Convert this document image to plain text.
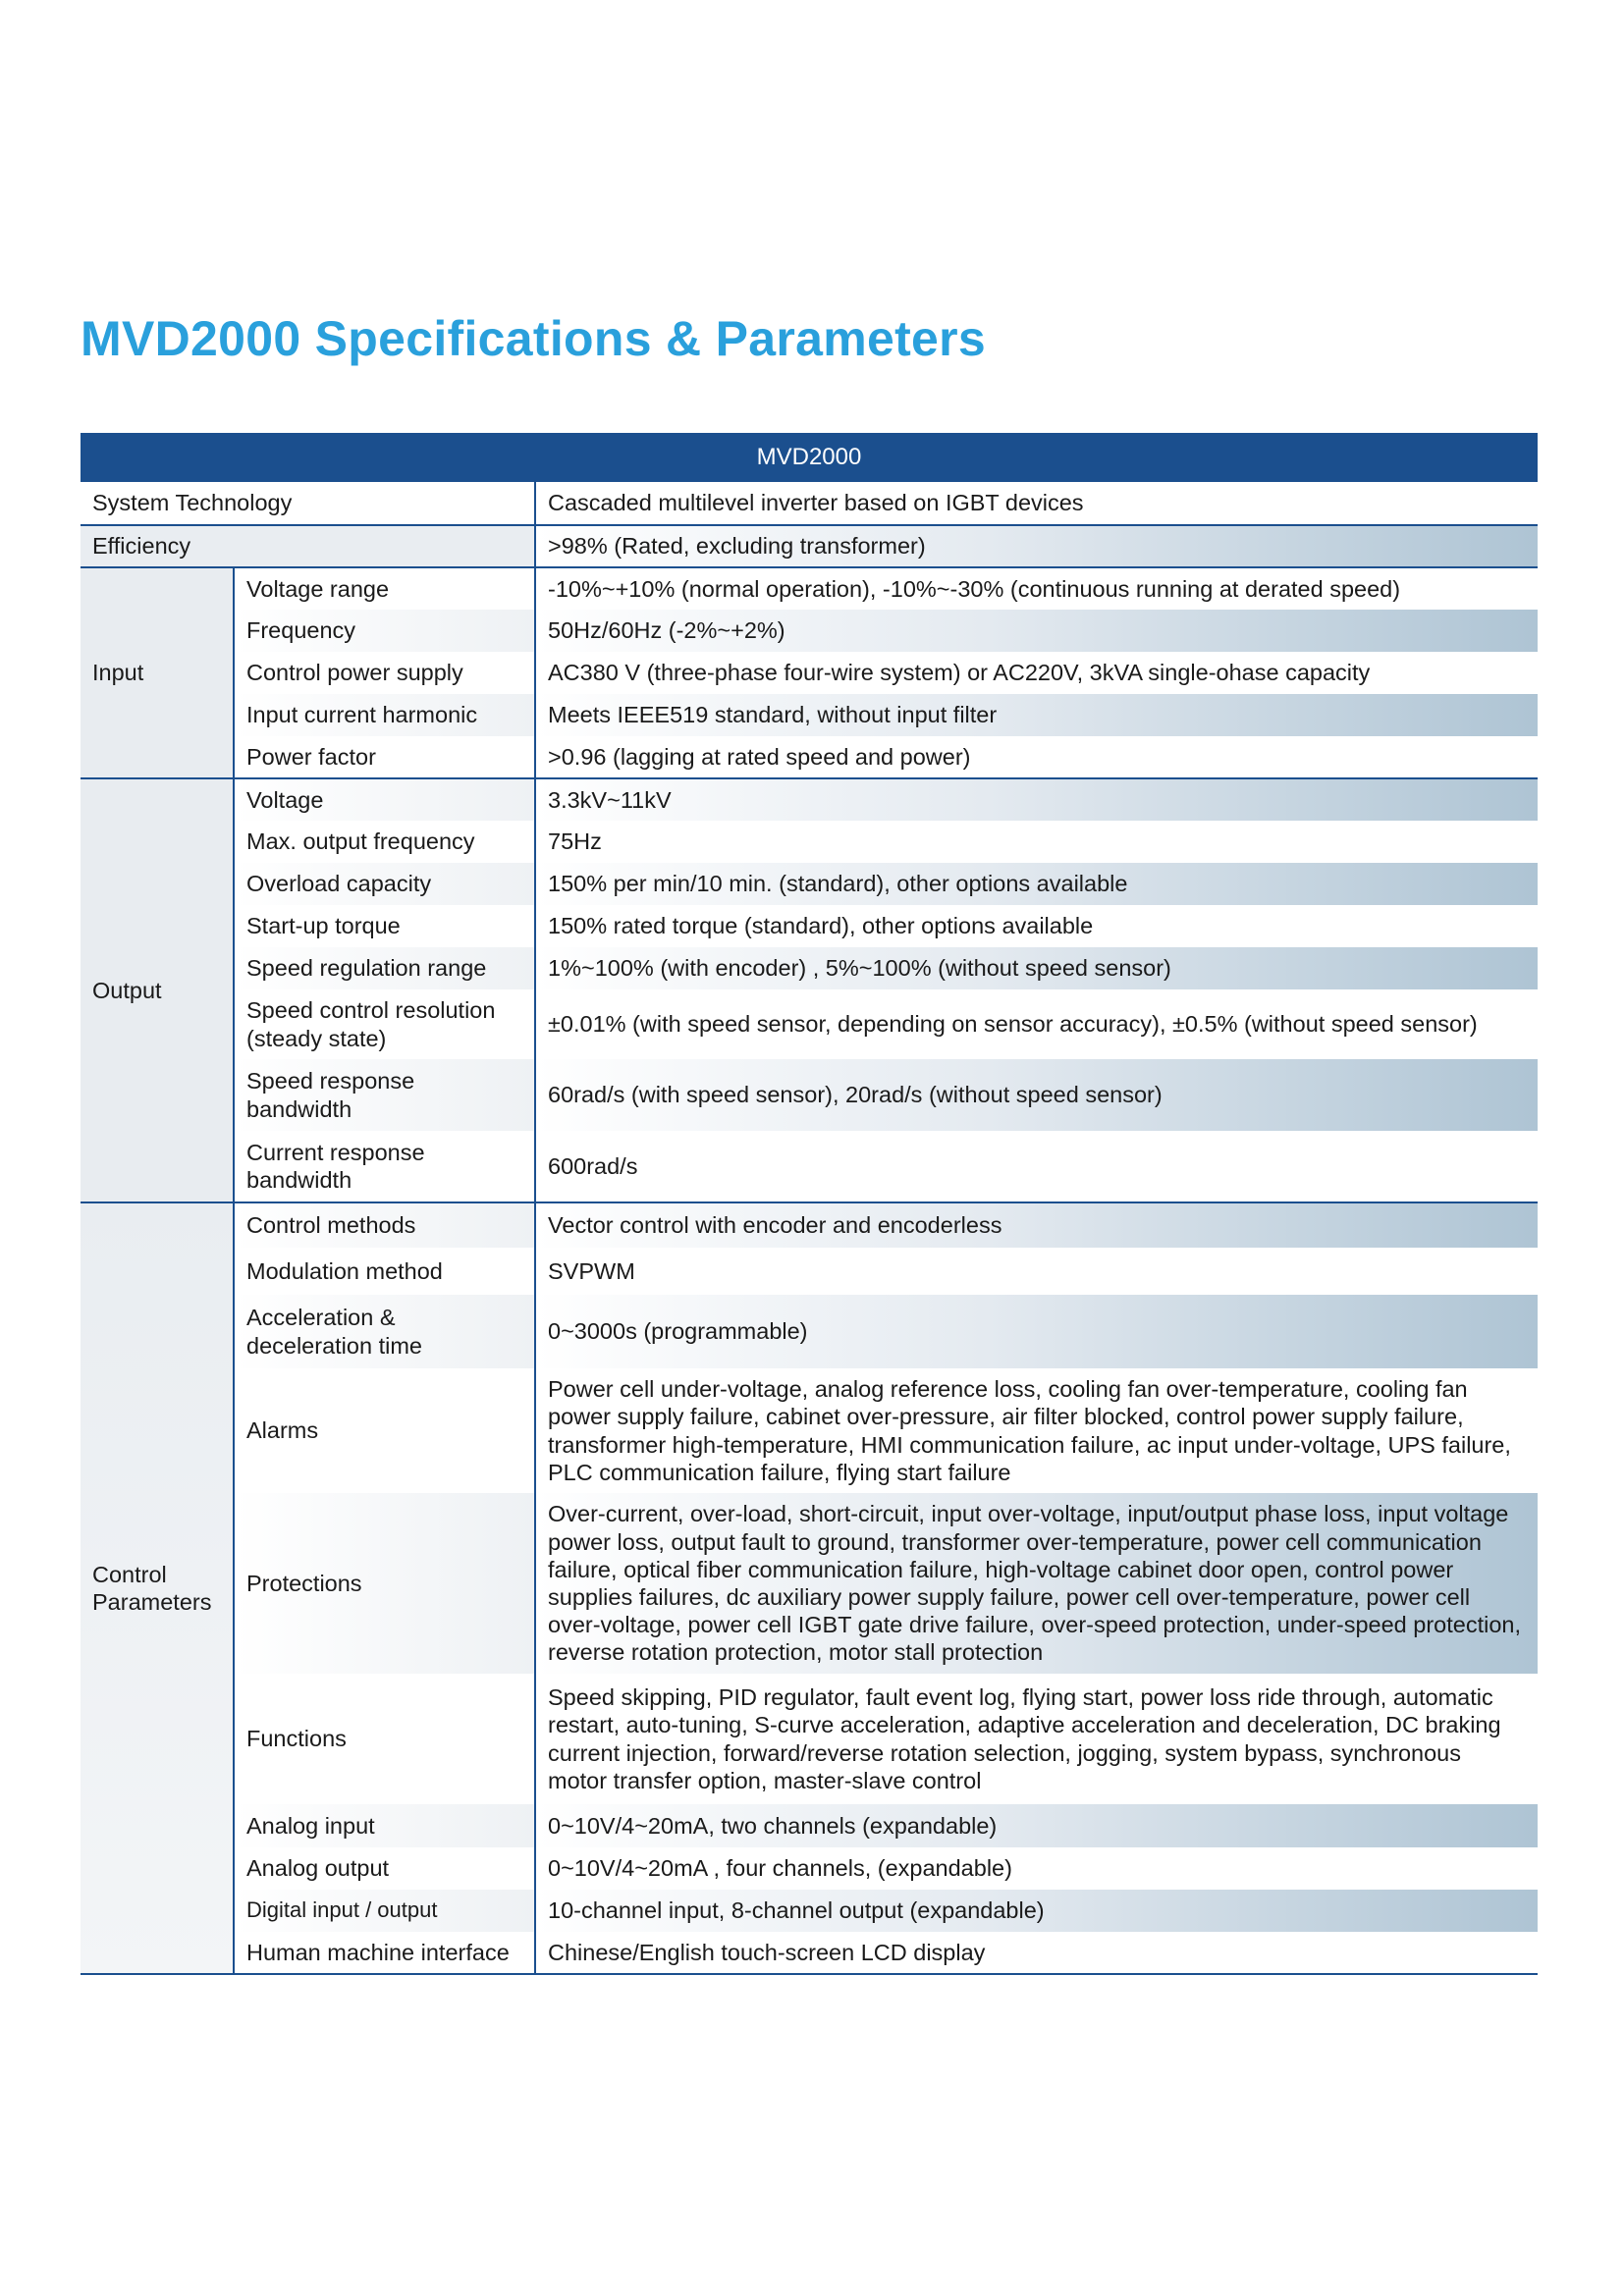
MVD2000 Specifications & Parameters
MVD2000		
System Technology		Cascaded multilevel inverter based on IGBT devices
Efficiency		>98% (Rated, excluding transformer)
Input	Voltage range	-10%~+10% (normal operation), -10%~-30% (continuous running at derated speed)
	Frequency	50Hz/60Hz (-2%~+2%)
	Control power supply	AC380 V (three-phase four-wire system) or AC220V, 3kVA single-ohase capacity
	Input current harmonic	Meets IEEE519 standard, without input filter
	Power factor	>0.96 (lagging at rated speed and power)
Output	Voltage	3.3kV~11kV
	Max. output frequency	75Hz
	Overload capacity	150% per min/10 min. (standard), other options available
	Start-up torque	150% rated torque (standard), other options available
	Speed regulation range	1%~100% (with encoder) , 5%~100% (without speed sensor)
	Speed control resolution (steady state)	±0.01% (with speed sensor, depending on sensor accuracy), ±0.5% (without speed sensor)
	Speed response bandwidth	60rad/s (with speed sensor), 20rad/s (without speed sensor)
	Current response bandwidth	600rad/s
Control Parameters	Control methods	Vector control with encoder and encoderless
	Modulation method	SVPWM
	Acceleration & deceleration time	0~3000s (programmable)
	Alarms	Power cell under-voltage, analog reference loss, cooling fan over-temperature, cooling fan power supply failure, cabinet over-pressure, air filter blocked, control power supply failure, transformer high-temperature, HMI communication failure, ac input under-voltage, UPS failure, PLC communication failure, flying start failure
	Protections	Over-current, over-load, short-circuit, input over-voltage, input/output phase loss, input voltage power loss, output fault to ground, transformer over-temperature, power cell communication failure, optical fiber communication failure, high-voltage cabinet door open, control power supplies failures, dc auxiliary power supply failure, power cell over-temperature, power cell over-voltage, power cell IGBT gate drive failure, over-speed protection, under-speed protection, reverse rotation protection, motor stall protection
	Functions	Speed skipping, PID regulator, fault event log, flying start, power loss ride through, automatic restart, auto-tuning, S-curve acceleration, adaptive acceleration and deceleration, DC braking current injection, forward/reverse rotation selection, jogging, system bypass, synchronous motor transfer option, master-slave control
	Analog input	0~10V/4~20mA, two channels (expandable)
	Analog output	0~10V/4~20mA , four channels, (expandable)
	Digital input / output	10-channel input, 8-channel output (expandable)
	Human machine interface	Chinese/English touch-screen LCD display
